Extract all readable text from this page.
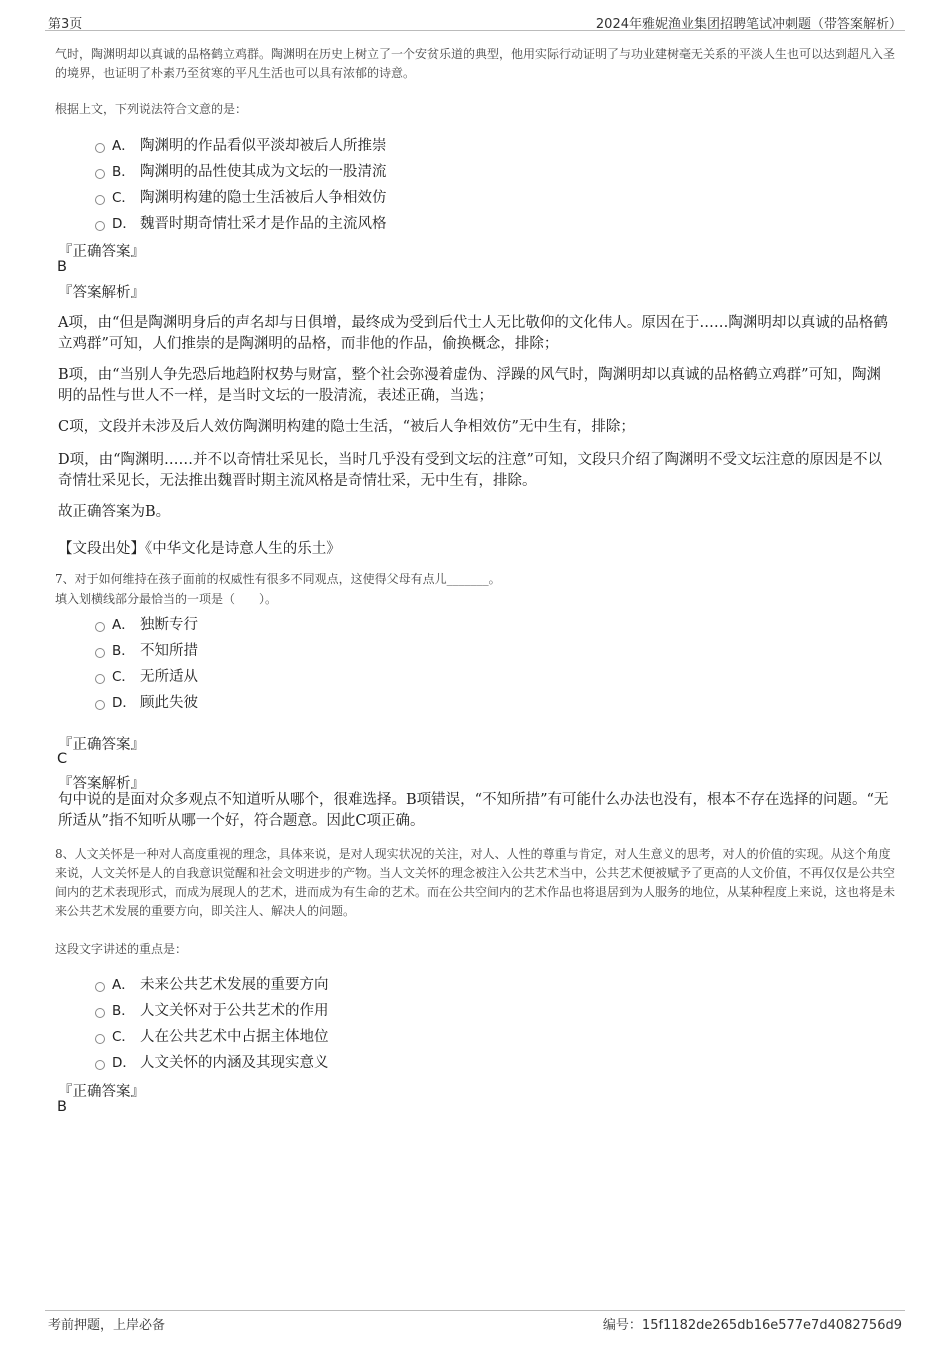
第3页	2024年雅妮渔业集团招聘笔试冲刺题（带答案解析）
气时，陶渊明却以真诚的品格鹤立鸡群。陶渊明在历史上树立了一个安贫乐道的典型，他用实际行动证明了与功业建树毫无关系的平淡人生也可以达到超凡入圣的境界，也证明了朴素乃至贫寒的平凡生活也可以具有浓郁的诗意。
根据上文，下列说法符合文意的是：
A． 陶渊明的作品看似平淡却被后人所推崇
B． 陶渊明的品性使其成为文坛的一股清流
C． 陶渊明构建的隐士生活被后人争相效仿
D． 魏晋时期奇情壮采才是作品的主流风格
『正确答案』
B
『答案解析』
A项，由“但是陶渊明身后的声名却与日俱增，最终成为受到后代士人无比敬仰的文化伟人。原因在于……陶渊明却以真诚的品格鹤立鸡群”可知，人们推崇的是陶渊明的品格，而非他的作品，偷换概念，排除；
B项，由“当别人争先恐后地趋附权势与财富，整个社会弥漫着虚伪、浮躁的风气时，陶渊明却以真诚的品格鹤立鸡群”可知，陶渊明的品性与世人不一样，是当时文坛的一股清流，表述正确，当选；
C项，文段并未涉及后人效仿陶渊明构建的隐士生活，“被后人争相效仿”无中生有，排除；
D项，由“陶渊明……并不以奇情壮采见长，当时几乎没有受到文坛的注意”可知，文段只介绍了陶渊明不受文坛注意的原因是不以奇情壮采见长，无法推出魏晋时期主流风格是奇情壮采，无中生有，排除。
故正确答案为B。
【文段出处】《中华文化是诗意人生的乐土》
7、对于如何维持在孩子面前的权威性有很多不同观点，这使得父母有点儿_______。
填入划横线部分最恰当的一项是（　　）。
A． 独断专行
B． 不知所措
C． 无所适从
D． 顾此失彼
『正确答案』
C
『答案解析』
句中说的是面对众多观点不知道听从哪个，很难选择。B项错误，“不知所措”有可能什么办法也没有，根本不存在选择的问题。“无所适从”指不知听从哪一个好，符合题意。因此C项正确。
8、人文关怀是一种对人高度重视的理念，具体来说，是对人现实状况的关注，对人、人性的尊重与肯定，对人生意义的思考，对人的价值的实现。从这个角度来说，人文关怀是人的自我意识觉醒和社会文明进步的产物。当人文关怀的理念被注入公共艺术当中，公共艺术便被赋予了更高的人文价值，不再仅仅是公共空间内的艺术表现形式，而成为展现人的艺术，进而成为有生命的艺术。而在公共空间内的艺术作品也将退居到为人服务的地位，从某种程度上来说，这也将是未来公共艺术发展的重要方向，即关注人、解决人的问题。
这段文字讲述的重点是：
A． 未来公共艺术发展的重要方向
B． 人文关怀对于公共艺术的作用
C． 人在公共艺术中占据主体地位
D． 人文关怀的内涵及其现实意义
『正确答案』
B
考前押题，上岸必备	编号：15f1182de265db16e577e7d4082756d9
